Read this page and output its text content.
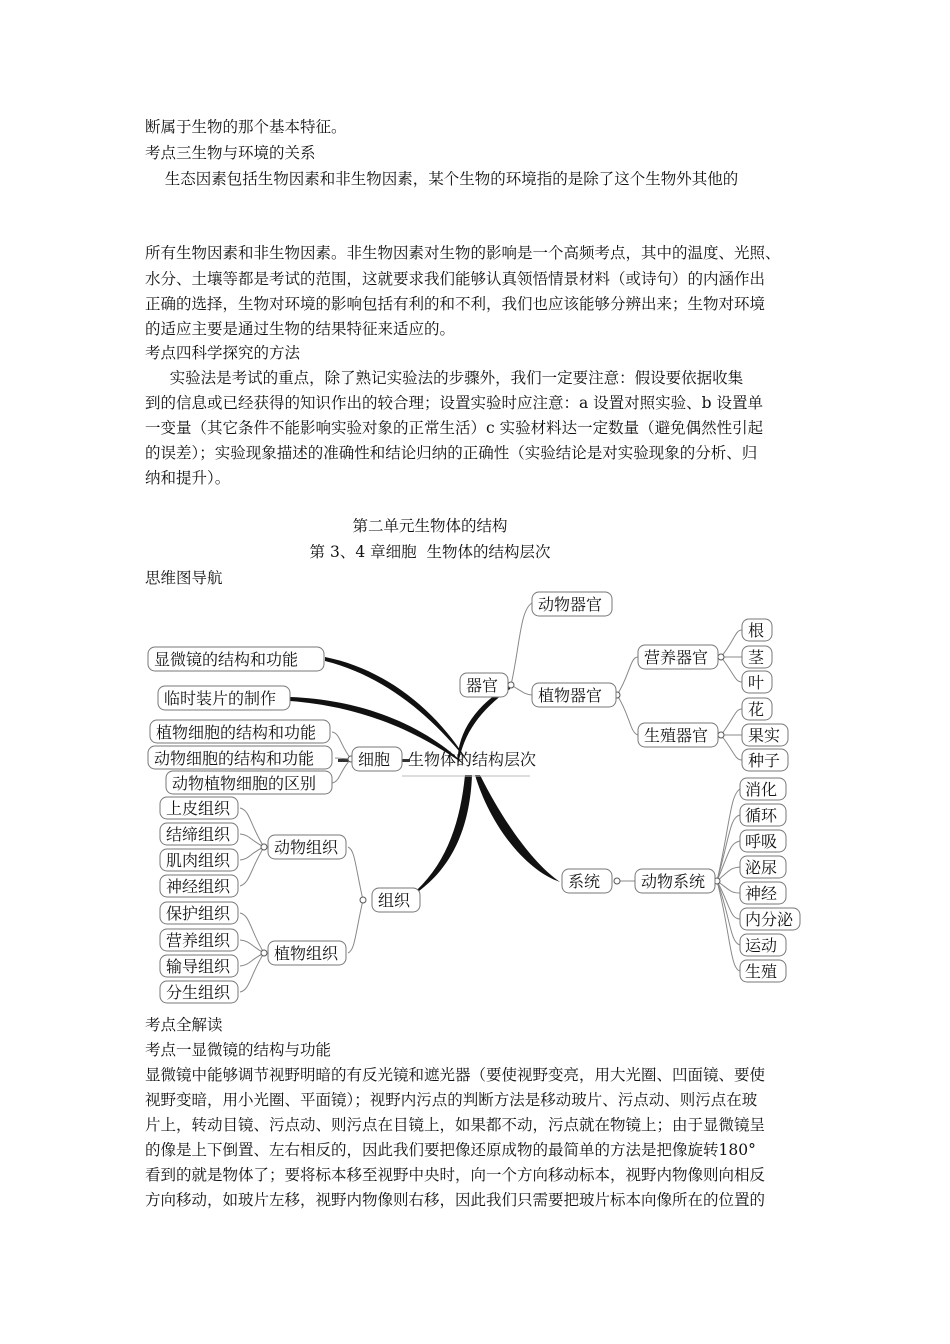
断属于生物的那个基本特征。
考点三生物与环境的关系
生态因素包括生物因素和非生物因素，某个生物的环境指的是除了这个生物外其他的
所有生物因素和非生物因素。非生物因素对生物的影响是一个高频考点，其中的温度、光照、
水分、土壤等都是考试的范围，这就要求我们能够认真领悟情景材料（或诗句）的内涵作出
正确的选择，生物对环境的影响包括有利的和不利，我们也应该能够分辨出来；生物对环境
的适应主要是通过生物的结果特征来适应的。
考点四科学探究的方法
实验法是考试的重点，除了熟记实验法的步骤外，我们一定要注意：假设要依据收集
到的信息或已经获得的知识作出的较合理；设置实验时应注意：a 设置对照实验、b 设置单
一变量（其它条件不能影响实验对象的正常生活）c 实验材料达一定数量（避免偶然性引起
的误差）；实验现象描述的准确性和结论归纳的正确性（实验结论是对实验现象的分析、归
纳和提升）。
第二单元生物体的结构
第 3、4 章细胞  生物体的结构层次
思维图导航
生物体的结构层次
器官
动物器官
植物器官
营养器官
生殖器官
根
茎
叶
花
果实
种子
系统	动物系统
消化
循环
呼吸
泌尿
神经
内分泌
运动
生殖
显微镜的结构和功能
临时装片的制作
细胞
植物细胞的结构和功能
动物细胞的结构和功能
动物植物细胞的区别
组织
动物组织
植物组织
上皮组织
结缔组织
肌肉组织
神经组织
保护组织
营养组织
输导组织
分生组织
考点全解读
考点一显微镜的结构与功能
显微镜中能够调节视野明暗的有反光镜和遮光器（要使视野变亮，用大光圈、凹面镜、要使
视野变暗，用小光圈、平面镜）；视野内污点的判断方法是移动玻片、污点动、则污点在玻
片上，转动目镜、污点动、则污点在目镜上，如果都不动，污点就在物镜上；由于显微镜呈
的像是上下倒置、左右相反的，因此我们要把像还原成物的最简单的方法是把像旋转180°
看到的就是物体了；要将标本移至视野中央时，向一个方向移动标本，视野内物像则向相反
方向移动，如玻片左移，视野内物像则右移，因此我们只需要把玻片标本向像所在的位置的
